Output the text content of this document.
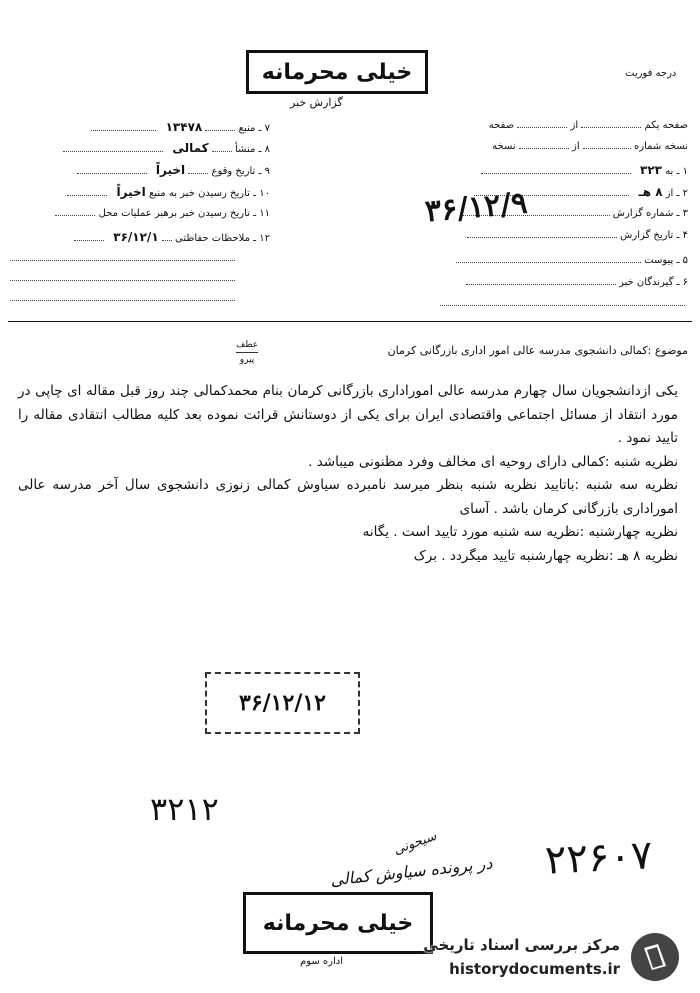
درجه فوریت
خیلی محرمانه
گزارش خبر
صفحه یکم  از  صفحه
نسخه شماره  از  نسخه
۱ ـ به ۳۲۳
۲ ـ از ۸ هـ
۳ ـ شماره گزارش
۴ ـ تاریخ گزارش
۵ ـ پیوست
۶ ـ گیرندگان خبر
۳۶/۱۲/۹
۷ ـ منبع  ۱۳۴۷۸
۸ ـ منشأ  کمالی
۹ ـ تاریخ وقوع  اخیراً
۱۰ ـ تاریخ رسیدن خبر به منبع اخیراً
۱۱ ـ تاریخ رسیدن خبر برهبر عملیات محل
۱۲ ـ ملاحظات حفاظتی  ۳۶/۱۲/۱
عطف
پیرو
موضوع :کمالی دانشجوی مدرسه عالی امور اداری بازرگانی کرمان

یکی ازدانشجویان سال چهارم مدرسه عالی اموراداری بازرگانی کرمان بنام محمدکمالی چند روز قبل مقاله ای چاپی در مورد انتقاد از مسائل اجتماعی واقتصادی ایران برای یکی از دوستانش قرائت نموده بعد کلیه مطالب انتقادی مقاله را تایید نمود .

نظریه شنبه :کمالی دارای روحیه ای مخالف وفرد مظنونی میباشد .

نظریه سه شنبه :باتایید نظریه شنبه بنظر میرسد نامبرده سیاوش کمالی زنوزی دانشجوی سال آخر مدرسه عالی اموراداری بازرگانی کرمان باشد . آسای

نظریه چهارشنبه :نظریه سه شنبه مورد تایید است . یگانه

نظریه ۸ هـ :نظریه چهارشنبه تایید میگردد . برک

۳۶/۱۲/۱۲
۳۲۱۲
۲۲۶۰۷
سیحونی
در پرونده سیاوش کمالی
خیلی محرمانه
اداره سوم
مرکز بررسی اسناد تاریخی
historydocuments.ir
